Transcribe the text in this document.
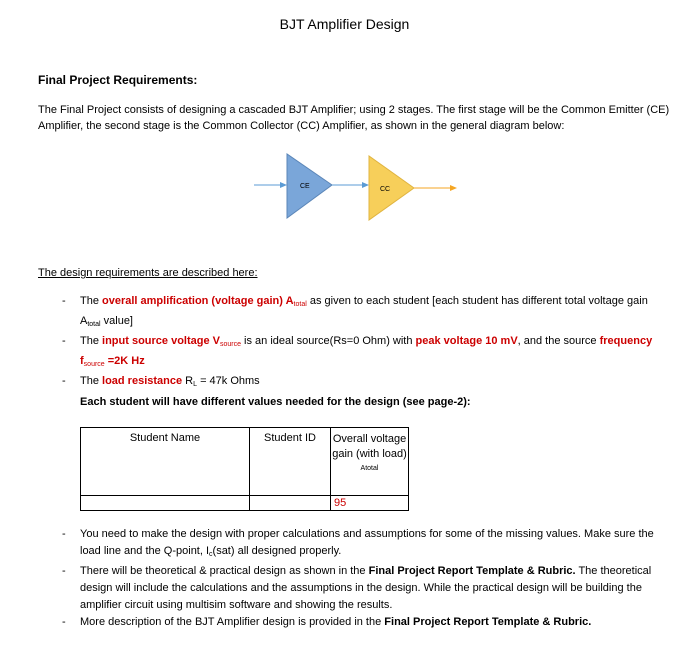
BJT Amplifier Design
Final Project Requirements:
The Final Project consists of designing a cascaded BJT Amplifier; using 2 stages. The first stage will be the Common Emitter (CE) Amplifier, the second stage is the Common Collector (CC) Amplifier, as shown in the general diagram below:
CE	CC
The design requirements are described here:
- The overall amplification (voltage gain) Atotal as given to each student [each student has different total voltage gain $A_{total}$ value]
- The input source voltage Vsource is an ideal source(Rs=0 Ohm) with peak voltage 10 mV, and the source frequency fsource =2K Hz
- The load resistance $R_L = 47k$ Ohms
Each student will have different values needed for the design (see page-2):
Student Name	Student ID	Overall voltage gain (with load)
Atotal

		95
- You need to make the design with proper calculations and assumptions for some of the missing values. Make sure the load line and the Q-point, $I_c(sat)$ all designed properly.
- There will be theoretical & practical design as shown in the Final Project Report Template & Rubric. The theoretical design will include the calculations and the assumptions in the design. While the practical design will be building the amplifier circuit using multisim software and showing the results.
- More description of the BJT Amplifier design is provided in the Final Project Report Template & Rubric.
